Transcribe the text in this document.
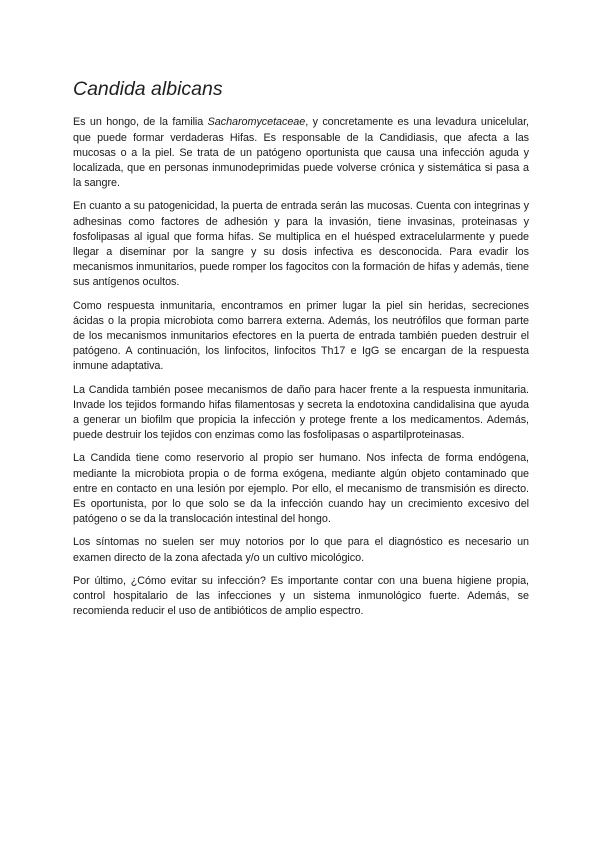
Candida albicans

Es un hongo, de la familia Sacharomycetaceae, y concretamente es una levadura unicelular, que puede formar verdaderas Hifas. Es responsable de la Candidiasis, que afecta a las mucosas o a la piel. Se trata de un patógeno oportunista que causa una infección aguda y localizada, que en personas inmunodeprimidas puede volverse crónica y sistemática si pasa a la sangre.

En cuanto a su patogenicidad, la puerta de entrada serán las mucosas. Cuenta con integrinas y adhesinas como factores de adhesión y para la invasión, tiene invasinas, proteinasas y fosfolipasas al igual que forma hifas. Se multiplica en el huésped extracelularmente y puede llegar a diseminar por la sangre y su dosis infectiva es desconocida. Para evadir los mecanismos inmunitarios, puede romper los fagocitos con la formación de hifas y además, tiene sus antígenos ocultos.

Como respuesta inmunitaria, encontramos en primer lugar la piel sin heridas, secreciones ácidas o la propia microbiota como barrera externa. Además, los neutrófilos que forman parte de los mecanismos inmunitarios efectores en la puerta de entrada también pueden destruir el patógeno. A continuación, los linfocitos, linfocitos Th17 e IgG se encargan de la respuesta inmune adaptativa.

La Candida también posee mecanismos de daño para hacer frente a la respuesta inmunitaria. Invade los tejidos formando hifas filamentosas y secreta la endotoxina candidalisina que ayuda a generar un biofilm que propicia la infección y protege frente a los medicamentos. Además, puede destruir los tejidos con enzimas como las fosfolipasas o aspartilproteinasas.

La Candida tiene como reservorio al propio ser humano. Nos infecta de forma endógena, mediante la microbiota propia o de forma exógena, mediante algún objeto contaminado que entre en contacto en una lesión por ejemplo. Por ello, el mecanismo de transmisión es directo. Es oportunista, por lo que solo se da la infección cuando hay un crecimiento excesivo del patógeno o se da la translocación intestinal del hongo.

Los síntomas no suelen ser muy notorios por lo que para el diagnóstico es necesario un examen directo de la zona afectada y/o un cultivo micológico.

Por último, ¿Cómo evitar su infección? Es importante contar con una buena higiene propia, control hospitalario de las infecciones y un sistema inmunológico fuerte. Además, se recomienda reducir el uso de antibióticos de amplio espectro.
